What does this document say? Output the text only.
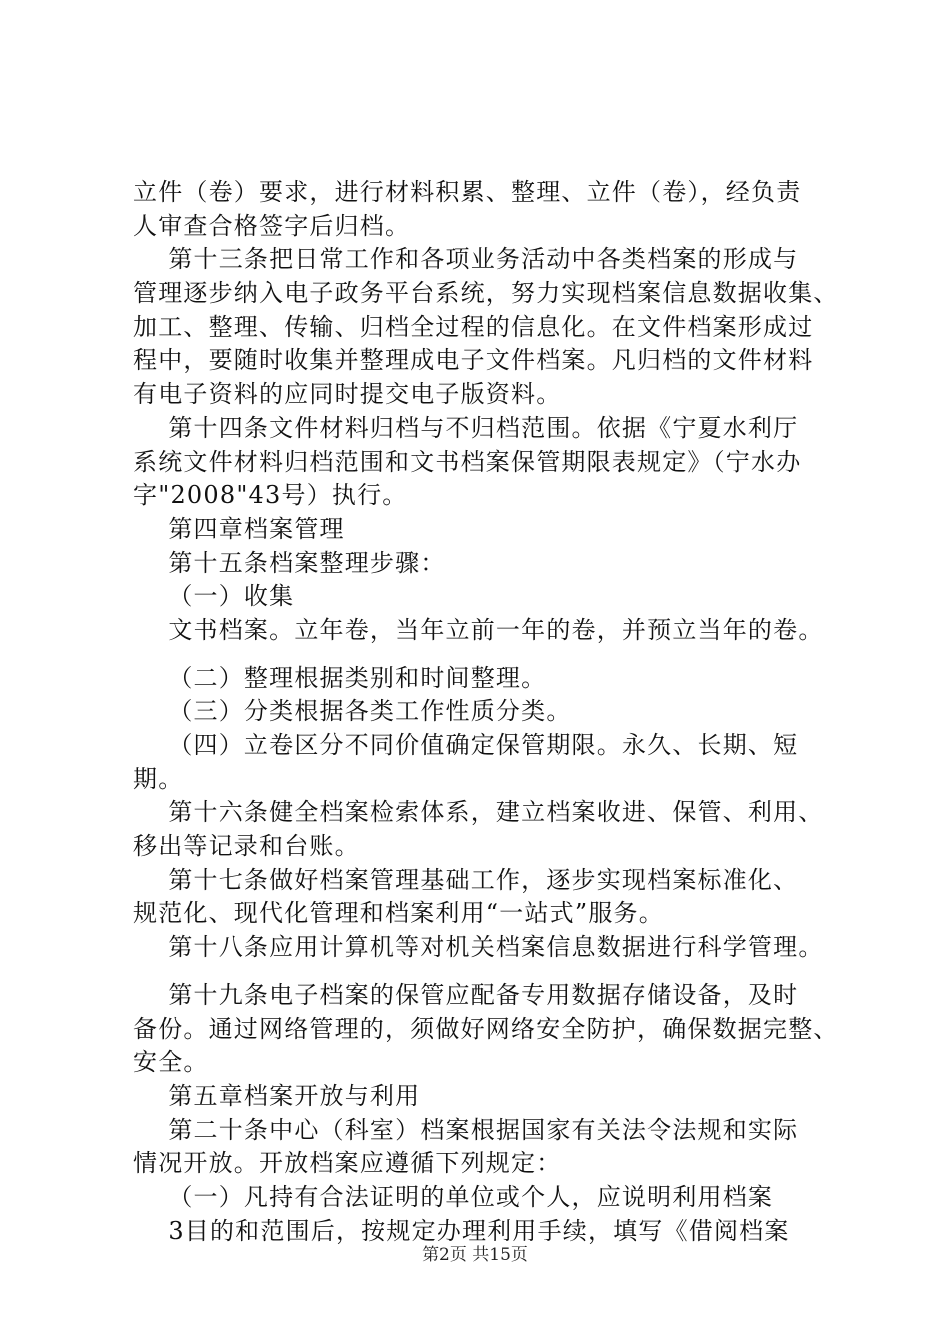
立件（卷）要求，进行材料积累、整理、立件（卷），经负责
人审查合格签字后归档。
第十三条把日常工作和各项业务活动中各类档案的形成与
管理逐步纳入电子政务平台系统，努力实现档案信息数据收集、
加工、整理、传输、归档全过程的信息化。在文件档案形成过
程中，要随时收集并整理成电子文件档案。凡归档的文件材料
有电子资料的应同时提交电子版资料。
第十四条文件材料归档与不归档范围。依据《宁夏水利厅
系统文件材料归档范围和文书档案保管期限表规定》（宁水办
字"2008"43号）执行。
第四章档案管理
第十五条档案整理步骤：
（一）收集
文书档案。立年卷，当年立前一年的卷，并预立当年的卷。
（二）整理根据类别和时间整理。
（三）分类根据各类工作性质分类。
（四）立卷区分不同价值确定保管期限。永久、长期、短
期。
第十六条健全档案检索体系，建立档案收进、保管、利用、
移出等记录和台账。
第十七条做好档案管理基础工作，逐步实现档案标准化、
规范化、现代化管理和档案利用“一站式”服务。
第十八条应用计算机等对机关档案信息数据进行科学管理。
第十九条电子档案的保管应配备专用数据存储设备，及时
备份。通过网络管理的，须做好网络安全防护，确保数据完整、
安全。
第五章档案开放与利用
第二十条中心（科室）档案根据国家有关法令法规和实际
情况开放。开放档案应遵循下列规定：
（一）凡持有合法证明的单位或个人，应说明利用档案
3目的和范围后，按规定办理利用手续，填写《借阅档案
第2页 共15页
